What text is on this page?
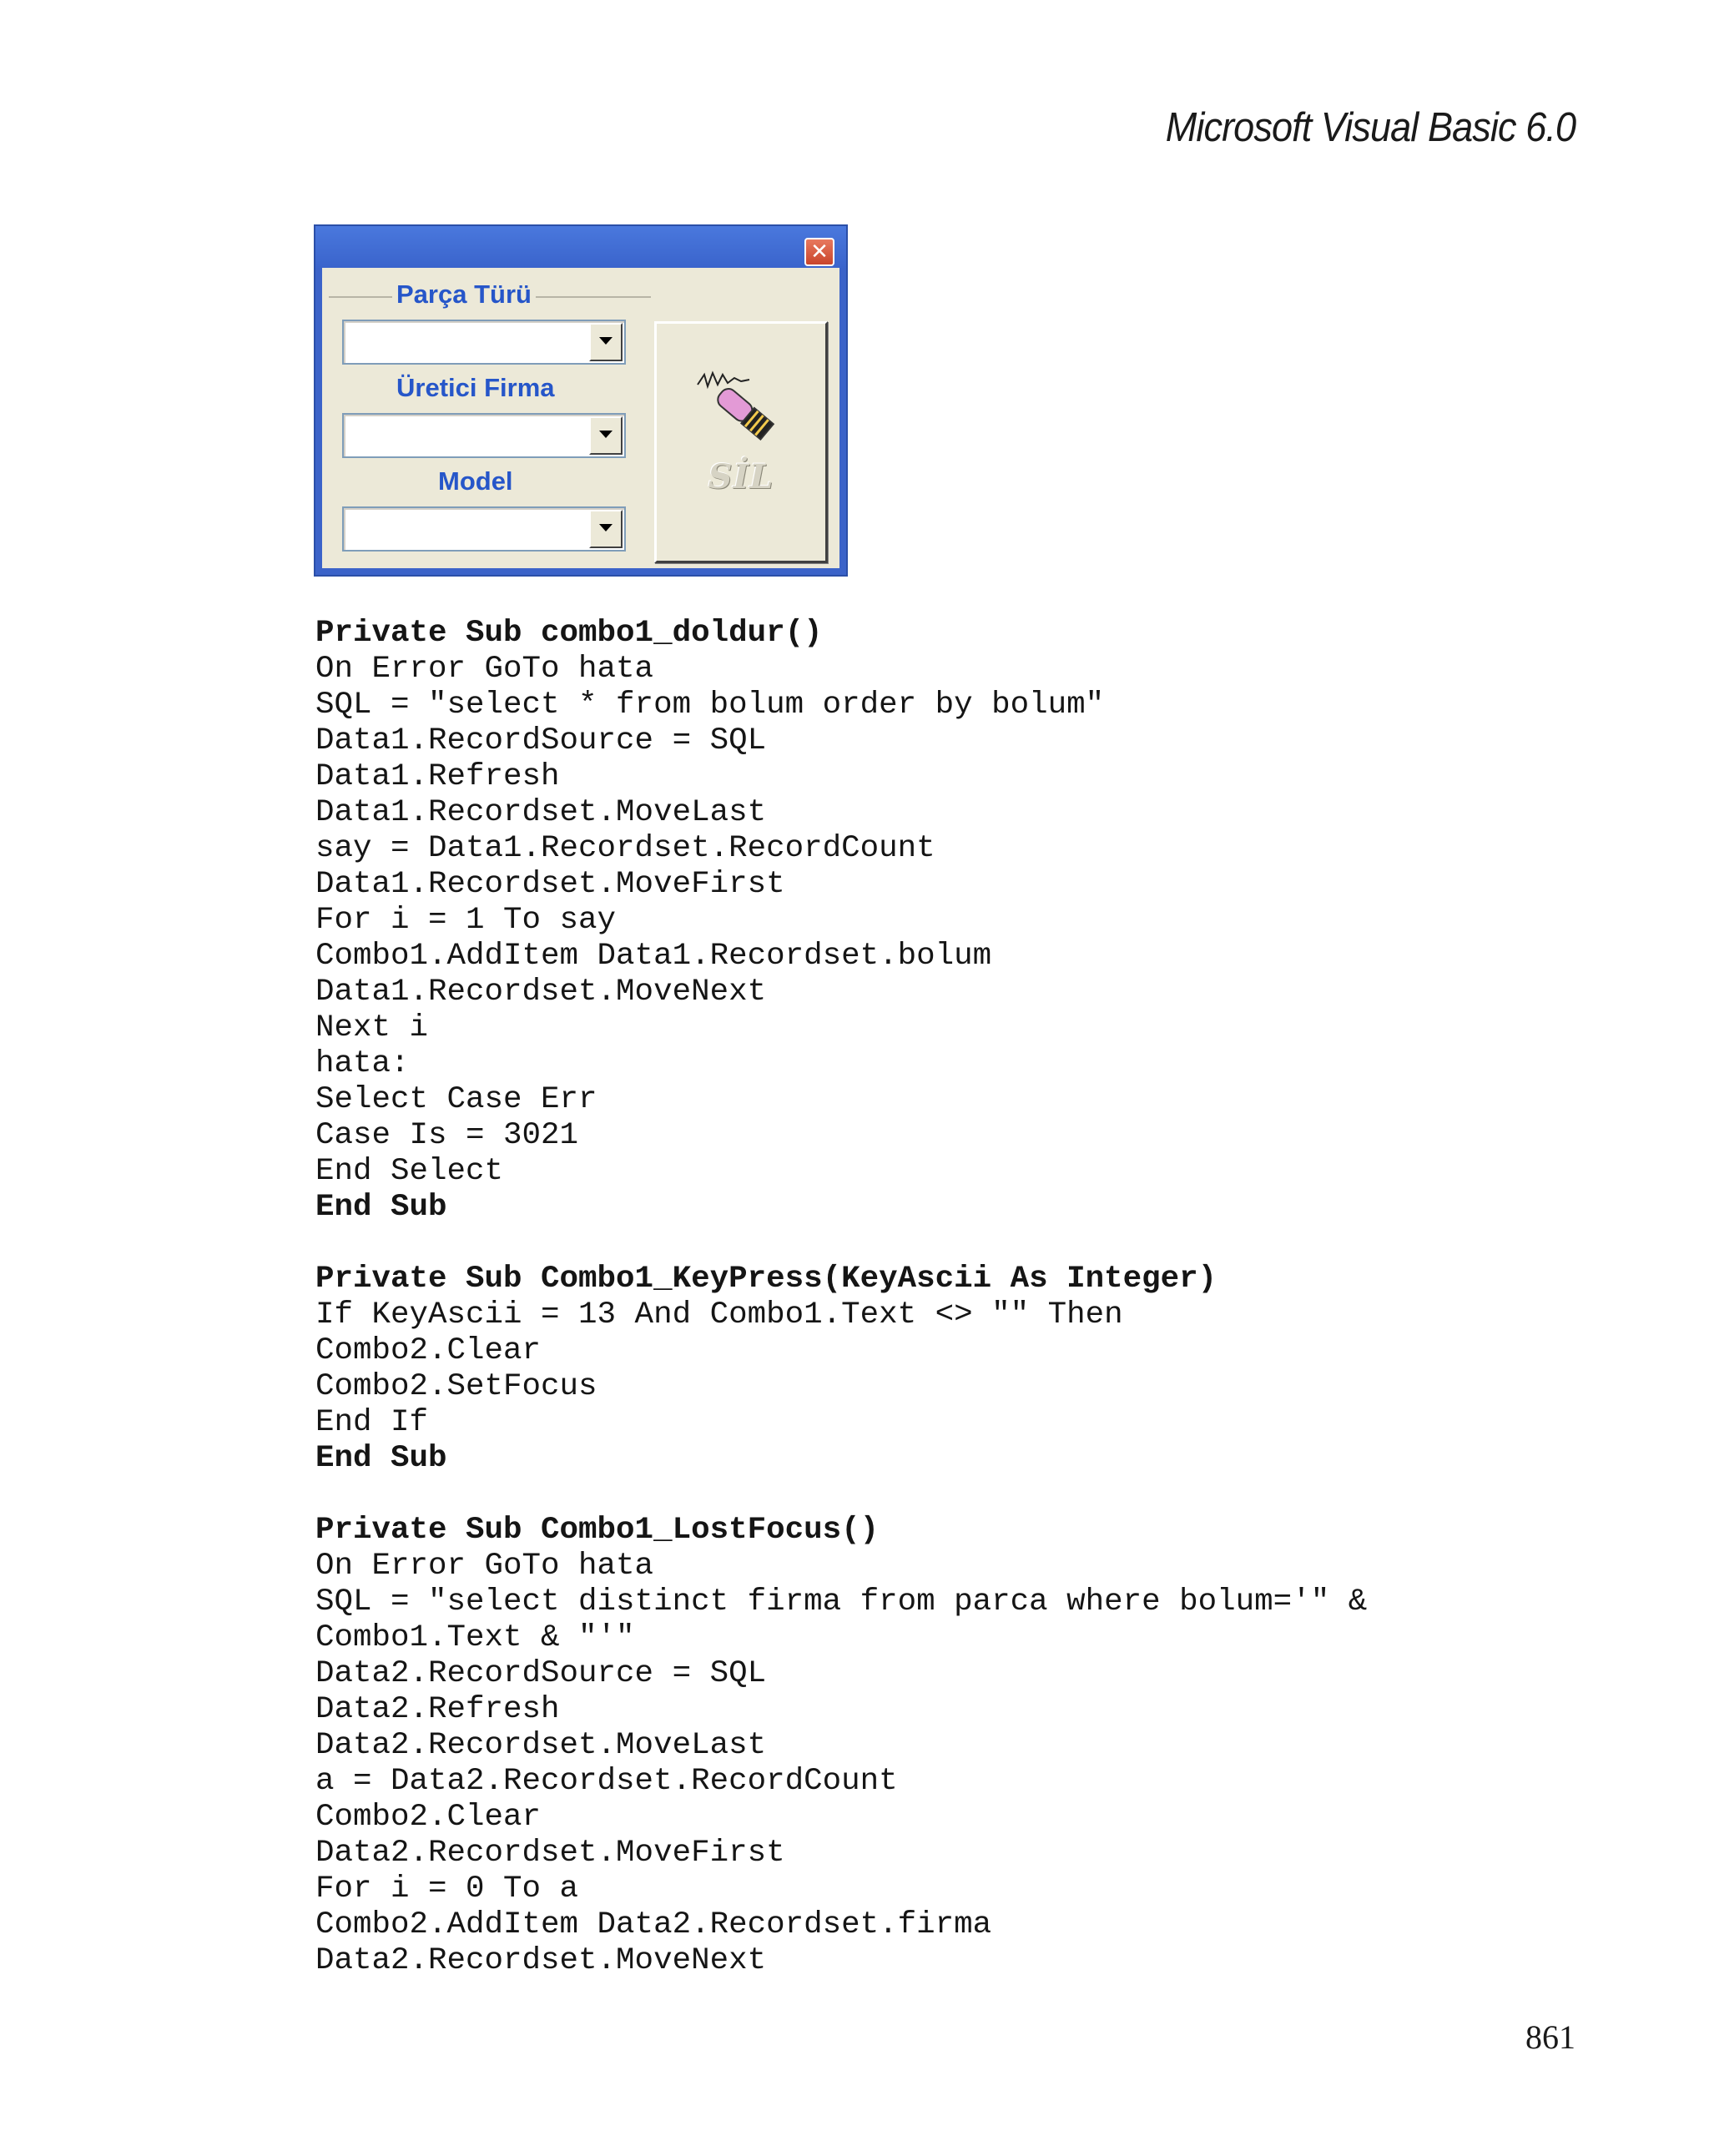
Microsoft Visual Basic 6.0
✕
Parça Türü
Üretici Firma
Model	SİL
Private Sub combo1_doldur()
On Error GoTo hata
SQL = "select * from bolum order by bolum"
Data1.RecordSource = SQL
Data1.Refresh
Data1.Recordset.MoveLast
say = Data1.Recordset.RecordCount
Data1.Recordset.MoveFirst
For i = 1 To say
Combo1.AddItem Data1.Recordset.bolum
Data1.Recordset.MoveNext
Next i
hata:
Select Case Err
Case Is = 3021
End Select
End Sub
Private Sub Combo1_KeyPress(KeyAscii As Integer)
If KeyAscii = 13 And Combo1.Text <> "" Then
Combo2.Clear
Combo2.SetFocus
End If
End Sub
Private Sub Combo1_LostFocus()
On Error GoTo hata
SQL = "select distinct firma from parca where bolum='" &
Combo1.Text & "'"
Data2.RecordSource = SQL
Data2.Refresh
Data2.Recordset.MoveLast
a = Data2.Recordset.RecordCount
Combo2.Clear
Data2.Recordset.MoveFirst
For i = 0 To a
Combo2.AddItem Data2.Recordset.firma
Data2.Recordset.MoveNext
861
